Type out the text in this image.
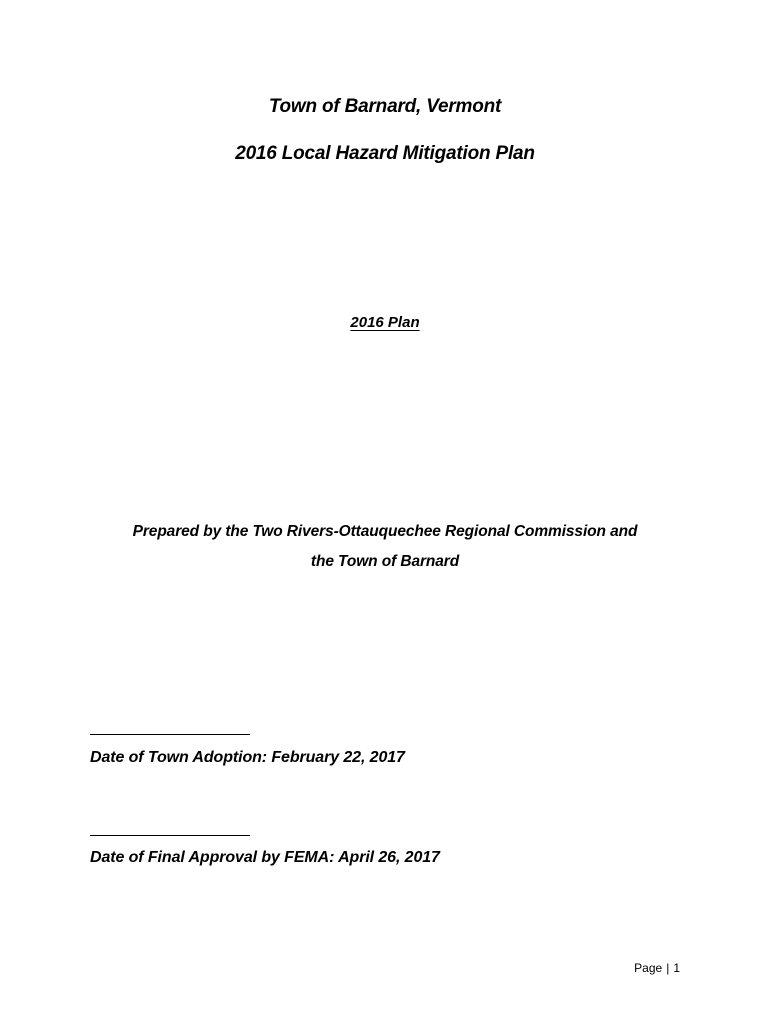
Town of Barnard, Vermont
2016 Local Hazard Mitigation Plan
2016 Plan
Prepared by the Two Rivers-Ottauquechee Regional Commission and
the Town of Barnard
Date of Town Adoption: February 22, 2017
Date of Final Approval by FEMA: April 26, 2017
Page | 1
